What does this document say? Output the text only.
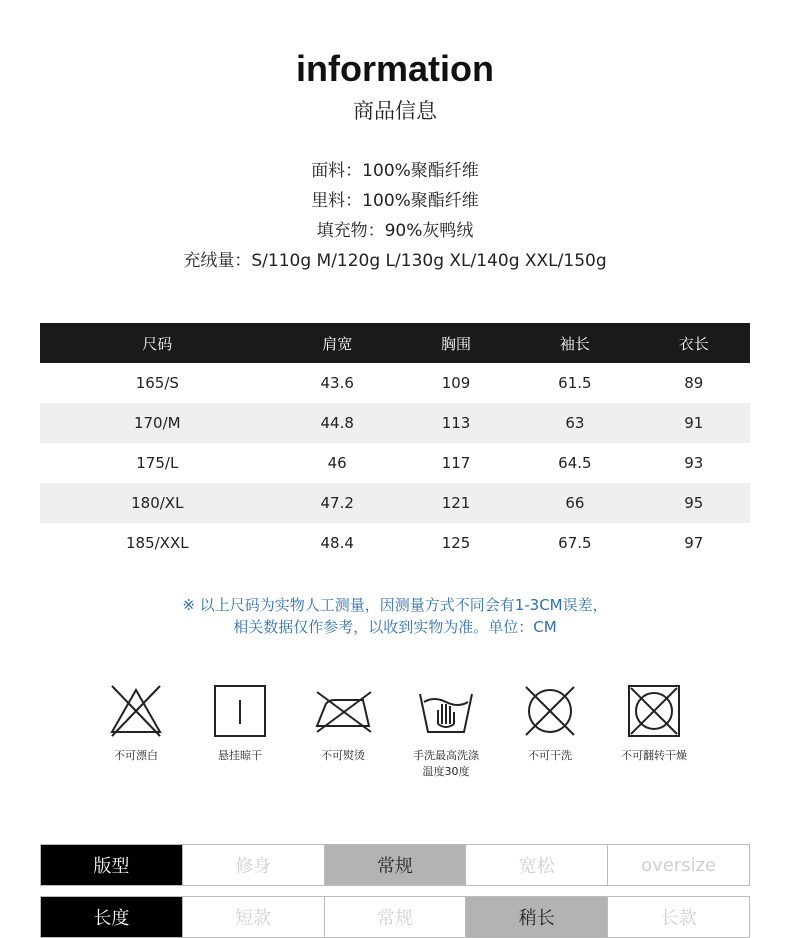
information
商品信息
面料：100%聚酯纤维
里料：100%聚酯纤维
填充物：90%灰鸭绒
充绒量：S/110g M/120g L/130g XL/140g XXL/150g
尺码	肩宽	胸围	袖长	衣长
165/S	43.6	109	61.5	89
170/M	44.8	113	63	91
175/L	46	117	64.5	93
180/XL	47.2	121	66	95
185/XXL	48.4	125	67.5	97
※ 以上尺码为实物人工测量，因测量方式不同会有1-3CM误差，
相关数据仅作参考，以收到实物为准。单位：CM
不可漂白	悬挂晾干	不可熨烫	手洗最高洗涤温度30度
不可干洗	不可翻转干燥
版型	修身	常规	宽松	oversize
长度	短款	常规	稍长	长款
